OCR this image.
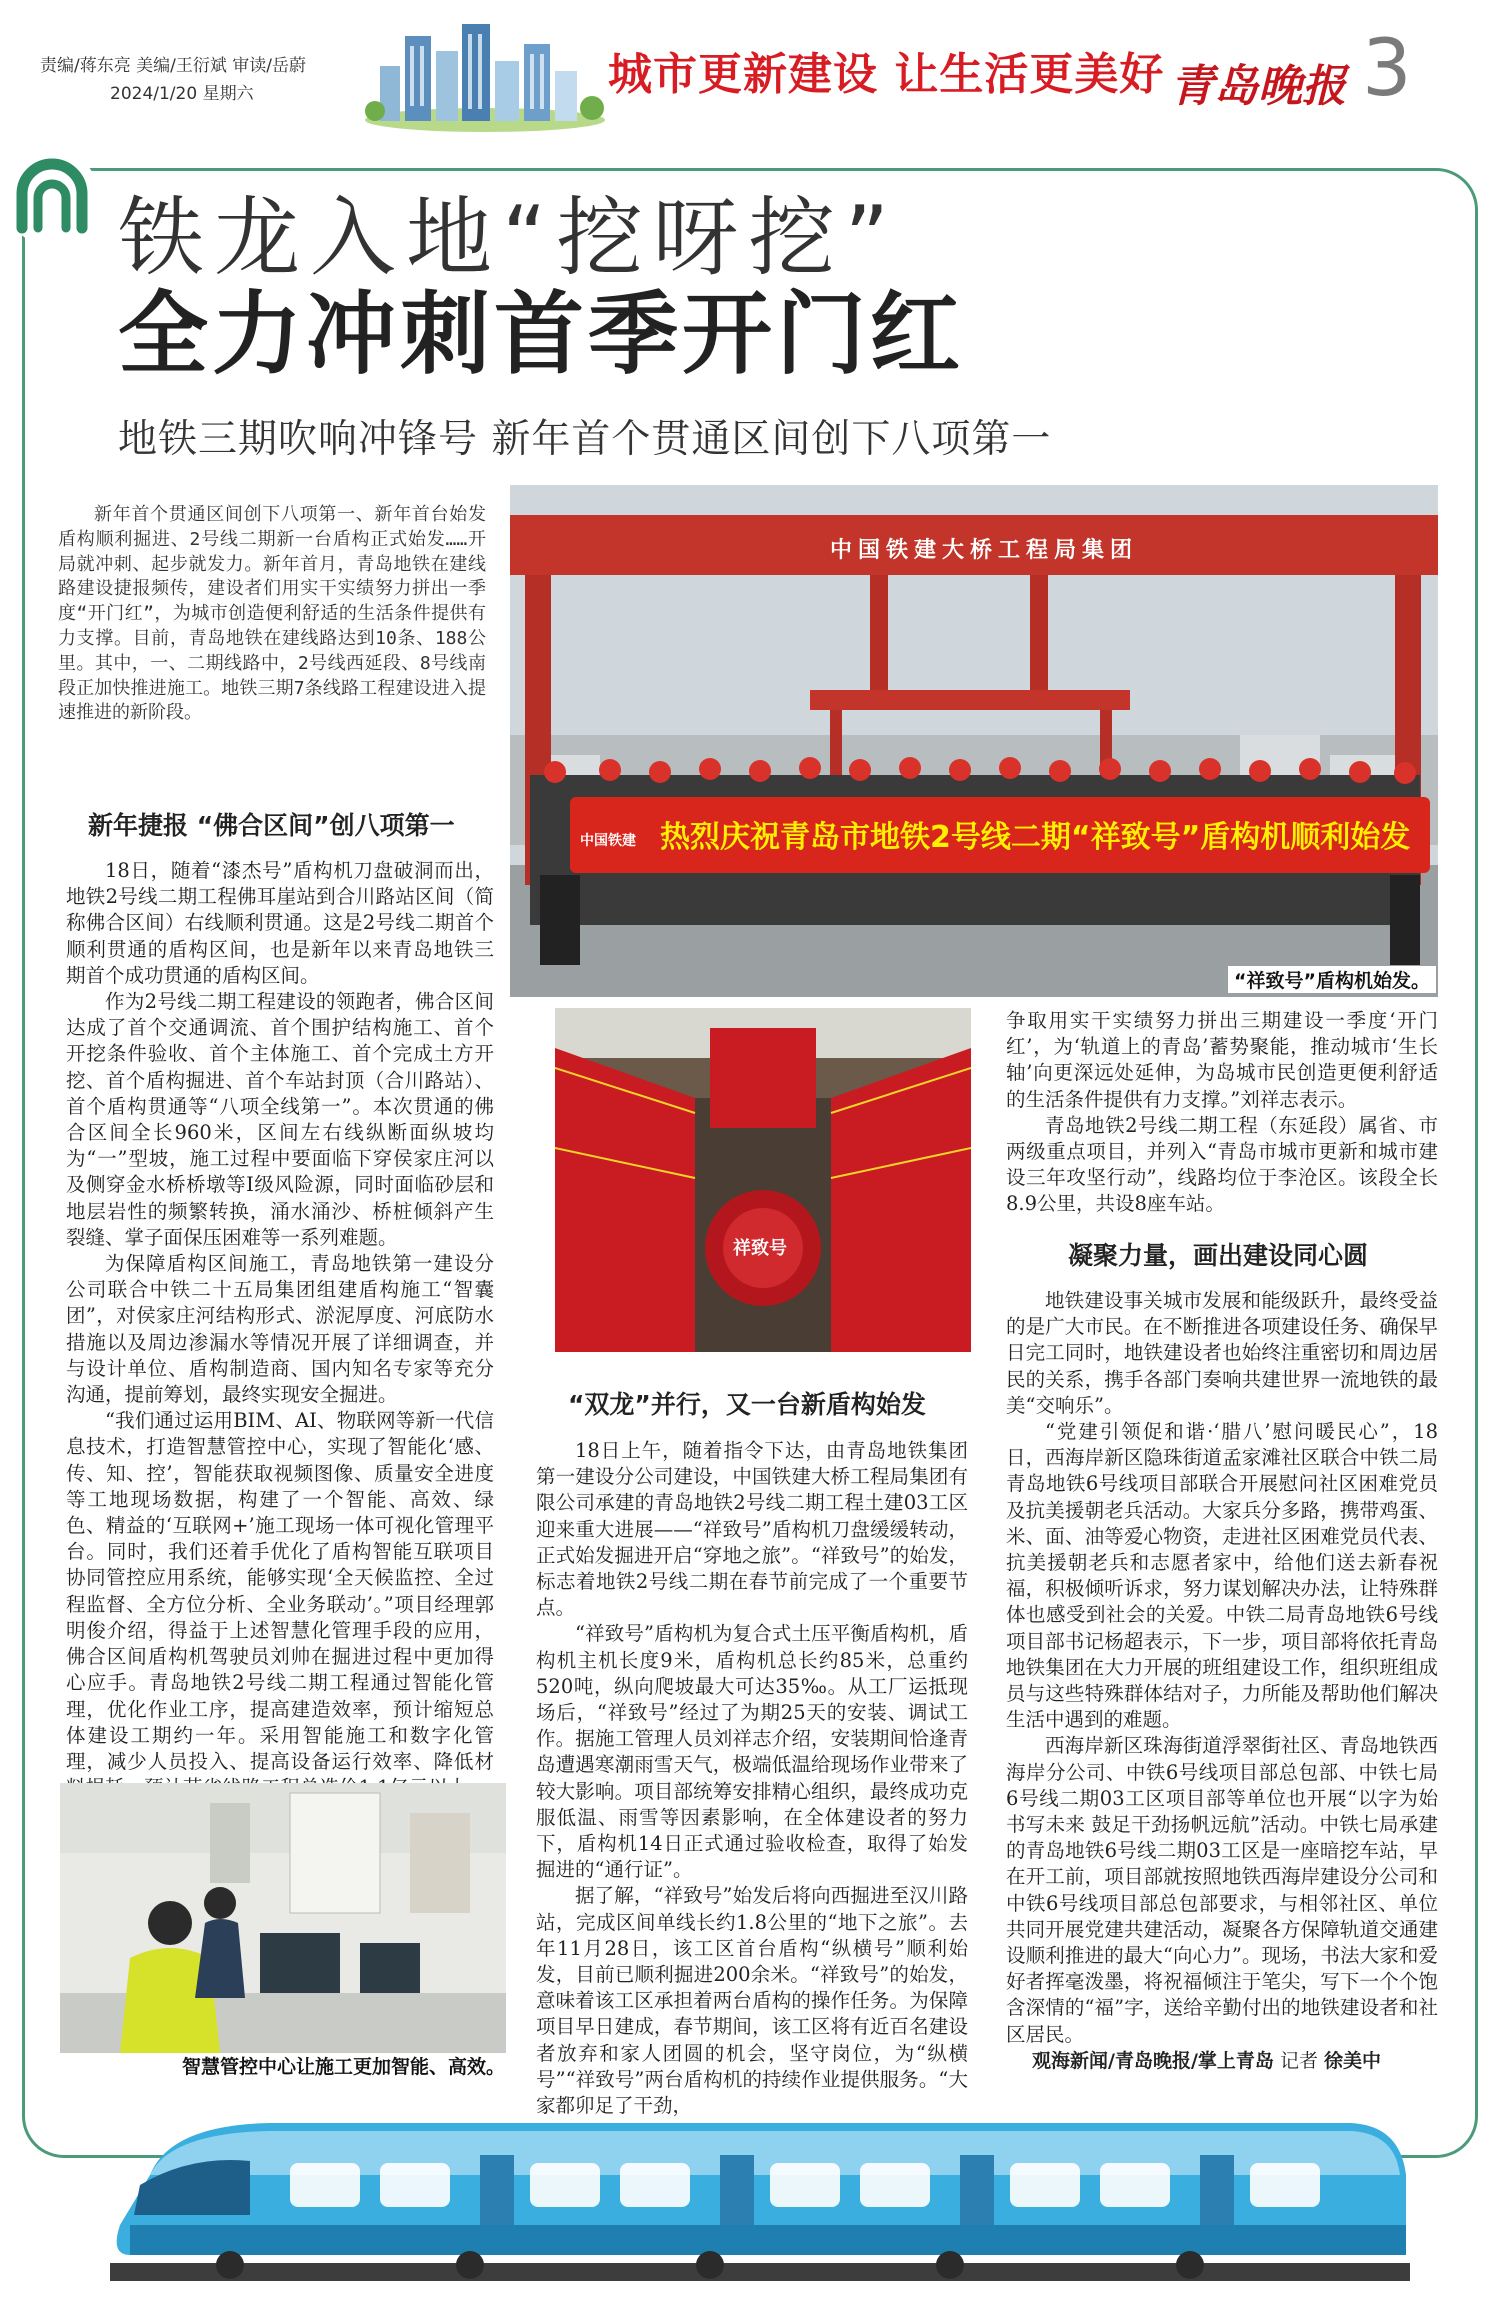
责编/蒋东亮 美编/王衍斌 审读/岳蔚
2024/1/20 星期六	城市更新建设 让生活更美好 青岛晚报 3
铁龙入地“挖呀挖”
全力冲刺首季开门红
地铁三期吹响冲锋号 新年首个贯通区间创下八项第一
新年首个贯通区间创下八项第一、新年首台始发盾构顺利掘进、2号线二期新一台盾构正式始发……开局就冲刺、起步就发力。新年首月，青岛地铁在建线路建设捷报频传，建设者们用实干实绩努力拼出一季度“开门红”，为城市创造便利舒适的生活条件提供有力支撑。目前，青岛地铁在建线路达到10条、188公里。其中，一、二期线路中，2号线西延段、8号线南段正加快推进施工。地铁三期7条线路工程建设进入提速推进的新阶段。
中国铁建大桥工程局集团
中国铁建 热烈庆祝青岛市地铁2号线二期“祥致号”盾构机顺利始发
“祥致号”盾构机始发。
新年捷报 “佛合区间”创八项第一

18日，随着“漆杰号”盾构机刀盘破洞而出，地铁2号线二期工程佛耳崖站到合川路站区间（简称佛合区间）右线顺利贯通。这是2号线二期首个顺利贯通的盾构区间，也是新年以来青岛地铁三期首个成功贯通的盾构区间。

作为2号线二期工程建设的领跑者，佛合区间达成了首个交通调流、首个围护结构施工、首个开挖条件验收、首个主体施工、首个完成土方开挖、首个盾构掘进、首个车站封顶（合川路站）、首个盾构贯通等“八项全线第一”。本次贯通的佛合区间全长960米，区间左右线纵断面纵坡均为“一”型坡，施工过程中要面临下穿侯家庄河以及侧穿金水桥桥墩等Ⅰ级风险源，同时面临砂层和地层岩性的频繁转换，涌水涌沙、桥桩倾斜产生裂缝、掌子面保压困难等一系列难题。

为保障盾构区间施工，青岛地铁第一建设分公司联合中铁二十五局集团组建盾构施工“智囊团”，对侯家庄河结构形式、淤泥厚度、河底防水措施以及周边渗漏水等情况开展了详细调查，并与设计单位、盾构制造商、国内知名专家等充分沟通，提前筹划，最终实现安全掘进。

“我们通过运用BIM、AI、物联网等新一代信息技术，打造智慧管控中心，实现了智能化‘感、传、知、控’，智能获取视频图像、质量安全进度等工地现场数据，构建了一个智能、高效、绿色、精益的‘互联网+’施工现场一体可视化管理平台。同时，我们还着手优化了盾构智能互联项目协同管控应用系统，能够实现‘全天候监控、全过程监督、全方位分析、全业务联动’。”项目经理郭明俊介绍，得益于上述智慧化管理手段的应用，佛合区间盾构机驾驶员刘帅在掘进过程中更加得心应手。青岛地铁2号线二期工程通过智能化管理，优化作业工序，提高建造效率，预计缩短总体建设工期约一年。采用智能施工和数字化管理，减少人员投入、提高设备运行效率、降低材

智慧管控中心让施工更加智能、高效。
祥致号
“双龙”并行，又一台新盾构始发

18日上午，随着指令下达，由青岛地铁集团第一建设分公司建设，中国铁建大桥工程局集团有限公司承建的青岛地铁2号线二期工程土建03工区迎来重大进展——“祥致号”盾构机刀盘缓缓转动，正式始发掘进开启“穿地之旅”。“祥致号”的始发，标志着地铁2号线二期在春节前完成了一个重要节点。

“祥致号”盾构机为复合式土压平衡盾构机，盾构机主机长度9米，盾构机总长约85米，总重约520吨，纵向爬坡最大可达35‰。从工厂运抵现场后，“祥致号”经过了为期25天的安装、调试工作。据施工管理人员刘祥志介绍，安装期间恰逢青岛遭遇寒潮雨雪天气，极端低温给现场作业带来了较大影响。项目部统筹安排精心组织，最终成功克服低温、雨雪等因素影响，在全体建设者的努力下，盾构机14日正式通过验收检查，取得了始发掘进的“通行证”。

据了解，“祥致号”始发后将向西掘进至汉川路站，完成区间单线长约1.8公里的“地下之旅”。去年11月28日，该工区首台盾构“纵横号”顺利始发，目前已顺利掘进200余米。“祥致号”的始发，意味着该工区承担着两台盾构的操作任务。为保障项目早日建成，春节期间，该工区将有近百名建设者放弃和家人团圆的机会，坚守岗位，为“纵横号”“祥致号”两台盾构机的持续作业提供服务。“大家都卯足了干劲，

争取用实干实绩努力拼出三期建设一季度‘开门红’，为‘轨道上的青岛’蓄势聚能，推动城市‘生长轴’向更深远处延伸，为岛城市民创造更便利舒适的生活条件提供有力支撑。”刘祥志表示。

青岛地铁2号线二期工程（东延段）属省、市两级重点项目，并列入“青岛市城市更新和城市建设三年攻坚行动”，线路均位于李沧区。该段全长8.9公里，共设8座车站。

凝聚力量，画出建设同心圆

地铁建设事关城市发展和能级跃升，最终受益的是广大市民。在不断推进各项建设任务、确保早日完工同时，地铁建设者也始终注重密切和周边居民的关系，携手各部门奏响共建世界一流地铁的最美“交响乐”。

“党建引领促和谐·‘腊八’慰问暖民心”，18日，西海岸新区隐珠街道孟家滩社区联合中铁二局青岛地铁6号线项目部联合开展慰问社区困难党员及抗美援朝老兵活动。大家兵分多路，携带鸡蛋、米、面、油等爱心物资，走进社区困难党员代表、抗美援朝老兵和志愿者家中，给他们送去新春祝福，积极倾听诉求，努力谋划解决办法，让特殊群体也感受到社会的关爱。中铁二局青岛地铁6号线项目部书记杨超表示，下一步，项目部将依托青岛地铁集团在大力开展的班组建设工作，组织班组成员与这些特殊群体结对子，力所能及帮助他们解决生活中遇到的难题。

西海岸新区珠海街道浮翠街社区、青岛地铁西海岸分公司、中铁6号线项目部总包部、中铁七局6号线二期03工区项目部等单位也开展“以字为始书写未来 鼓足干劲扬帆远航”活动。中铁七局承建的青岛地铁6号线二期03工区是一座暗挖车站，早在开工前，项目部就按照地铁西海岸建设分公司和中铁6号线项目部总包部要求，与相邻社区、单位共同开展党建共建活动，凝聚各方保障轨道交通建设顺利推进的最大“向心力”。现场，书法大家和爱好者挥毫泼墨，将祝福倾注于笔尖，写下一个个饱含深情的“福”字，送给辛勤付出的地铁建设者和社区居民。

观海新闻/青岛晚报/掌上青岛 记者 徐美中
